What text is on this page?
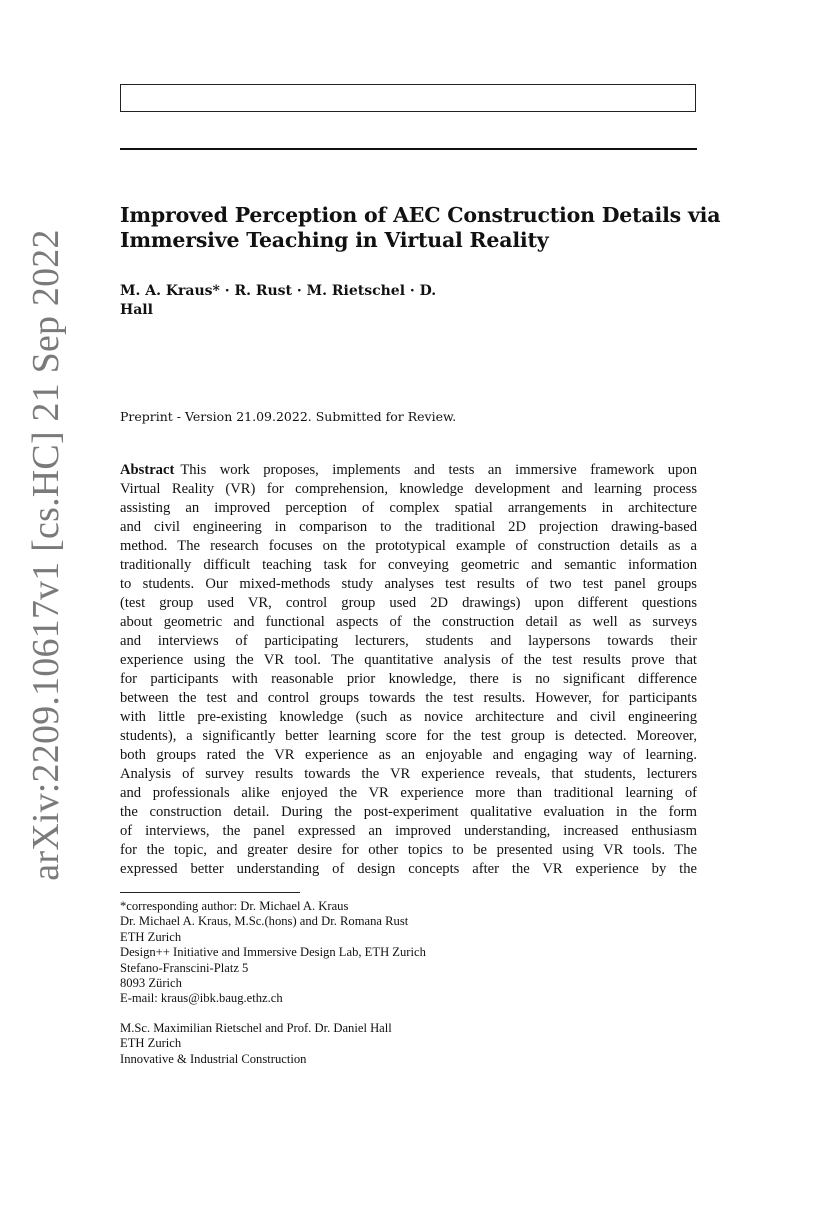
arXiv:2209.10617v1 [cs.HC] 21 Sep 2022
Improved Perception of AEC Construction Details via
Immersive Teaching in Virtual Reality
M. A. Kraus* · R. Rust · M. Rietschel · D.
Hall
Preprint - Version 21.09.2022. Submitted for Review.
Abstract This work proposes, implements and tests an immersive framework upon
Virtual Reality (VR) for comprehension, knowledge development and learning process
assisting an improved perception of complex spatial arrangements in architecture
and civil engineering in comparison to the traditional 2D projection drawing-based
method. The research focuses on the prototypical example of construction details as a
traditionally difficult teaching task for conveying geometric and semantic information
to students. Our mixed-methods study analyses test results of two test panel groups
(test group used VR, control group used 2D drawings) upon different questions
about geometric and functional aspects of the construction detail as well as surveys
and interviews of participating lecturers, students and laypersons towards their
experience using the VR tool. The quantitative analysis of the test results prove that
for participants with reasonable prior knowledge, there is no significant difference
between the test and control groups towards the test results. However, for participants
with little pre-existing knowledge (such as novice architecture and civil engineering
students), a significantly better learning score for the test group is detected. Moreover,
both groups rated the VR experience as an enjoyable and engaging way of learning.
Analysis of survey results towards the VR experience reveals, that students, lecturers
and professionals alike enjoyed the VR experience more than traditional learning of
the construction detail. During the post-experiment qualitative evaluation in the form
of interviews, the panel expressed an improved understanding, increased enthusiasm
for the topic, and greater desire for other topics to be presented using VR tools. The
expressed better understanding of design concepts after the VR experience by the
*corresponding author: Dr. Michael A. Kraus
Dr. Michael A. Kraus, M.Sc.(hons) and Dr. Romana Rust
ETH Zurich
Design++ Initiative and Immersive Design Lab, ETH Zurich
Stefano-Franscini-Platz 5
8093 Zürich
E-mail: kraus@ibk.baug.ethz.ch
M.Sc. Maximilian Rietschel and Prof. Dr. Daniel Hall
ETH Zurich
Innovative & Industrial Construction
